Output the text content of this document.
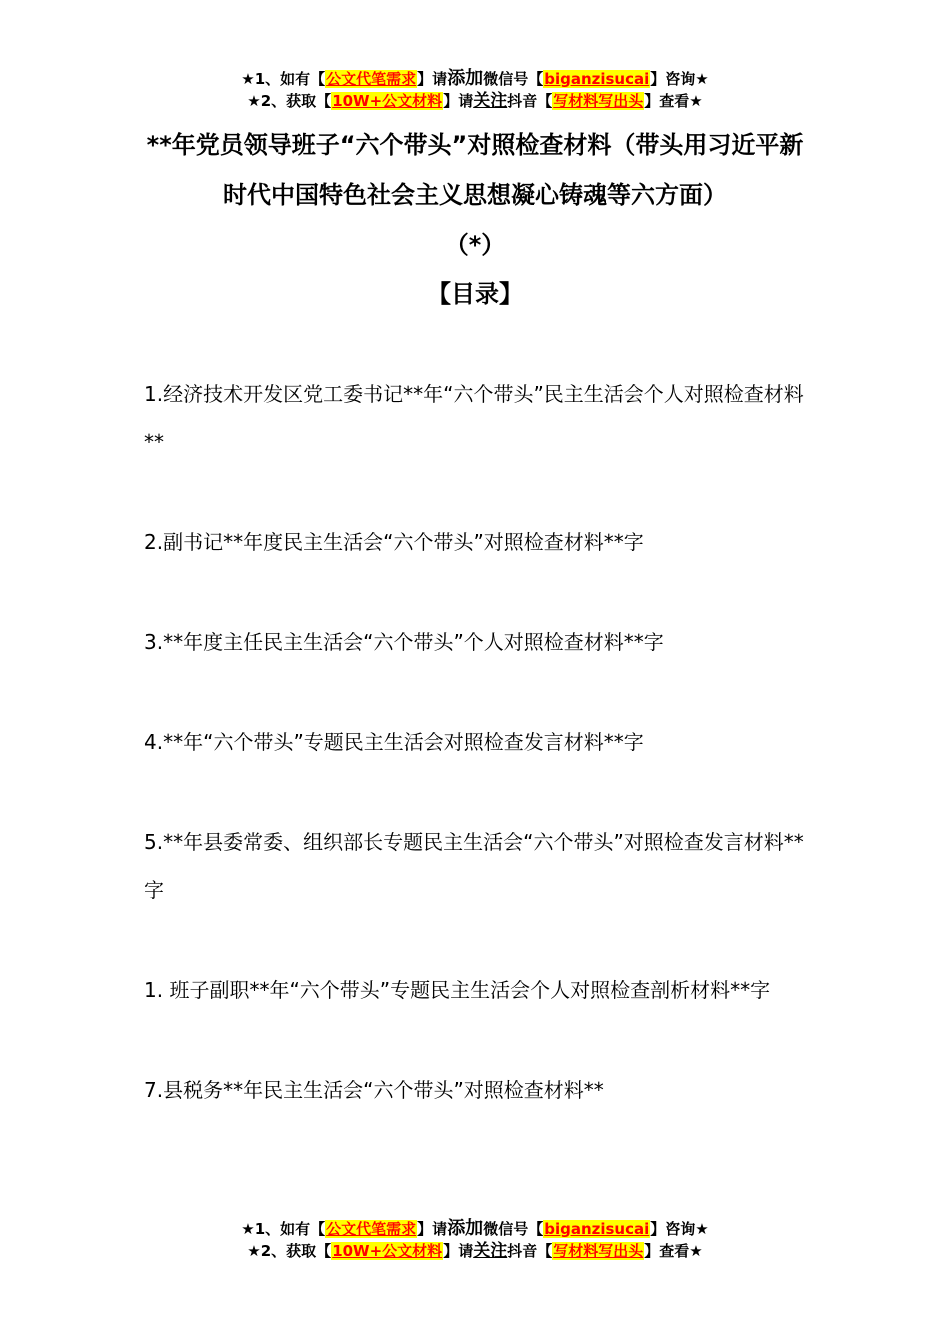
★1、如有【公文代笔需求】请添加微信号【biganzisucai】咨询★
★2、获取【10W+公文材料】请关注抖音【写材料写出头】查看★
**年党员领导班子“六个带头”对照检查材料（带头用习近平新时代中国特色社会主义思想凝心铸魂等六方面）
（*）
【目录】
1.经济技术开发区党工委书记**年“六个带头”民主生活会个人对照检查材料**
2.副书记**年度民主生活会“六个带头”对照检查材料**字
3.**年度主任民主生活会“六个带头”个人对照检查材料**字
4.**年“六个带头”专题民主生活会对照检查发言材料**字
5.**年县委常委、组织部长专题民主生活会“六个带头”对照检查发言材料**字
1. 班子副职**年“六个带头”专题民主生活会个人对照检查剖析材料**字
7.县税务**年民主生活会“六个带头”对照检查材料**
★1、如有【公文代笔需求】请添加微信号【biganzisucai】咨询★
★2、获取【10W+公文材料】请关注抖音【写材料写出头】查看★
